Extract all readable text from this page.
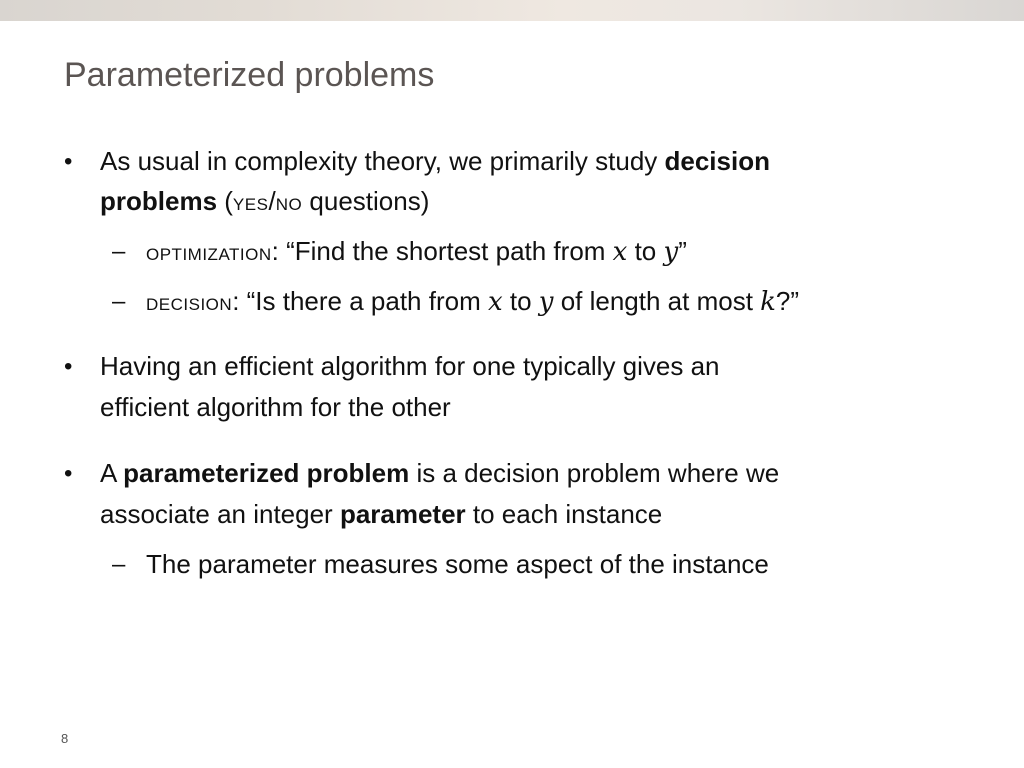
Parameterized problems
• As usual in complexity theory, we primarily study decision
problems (YES/NO questions)
– OPTIMIZATION: “Find the shortest path from x to y”
– DECISION: “Is there a path from x to y of length at most k?”
• Having an efficient algorithm for one typically gives an
efficient algorithm for the other
• A parameterized problem is a decision problem where we
associate an integer parameter to each instance
– The parameter measures some aspect of the instance
8
